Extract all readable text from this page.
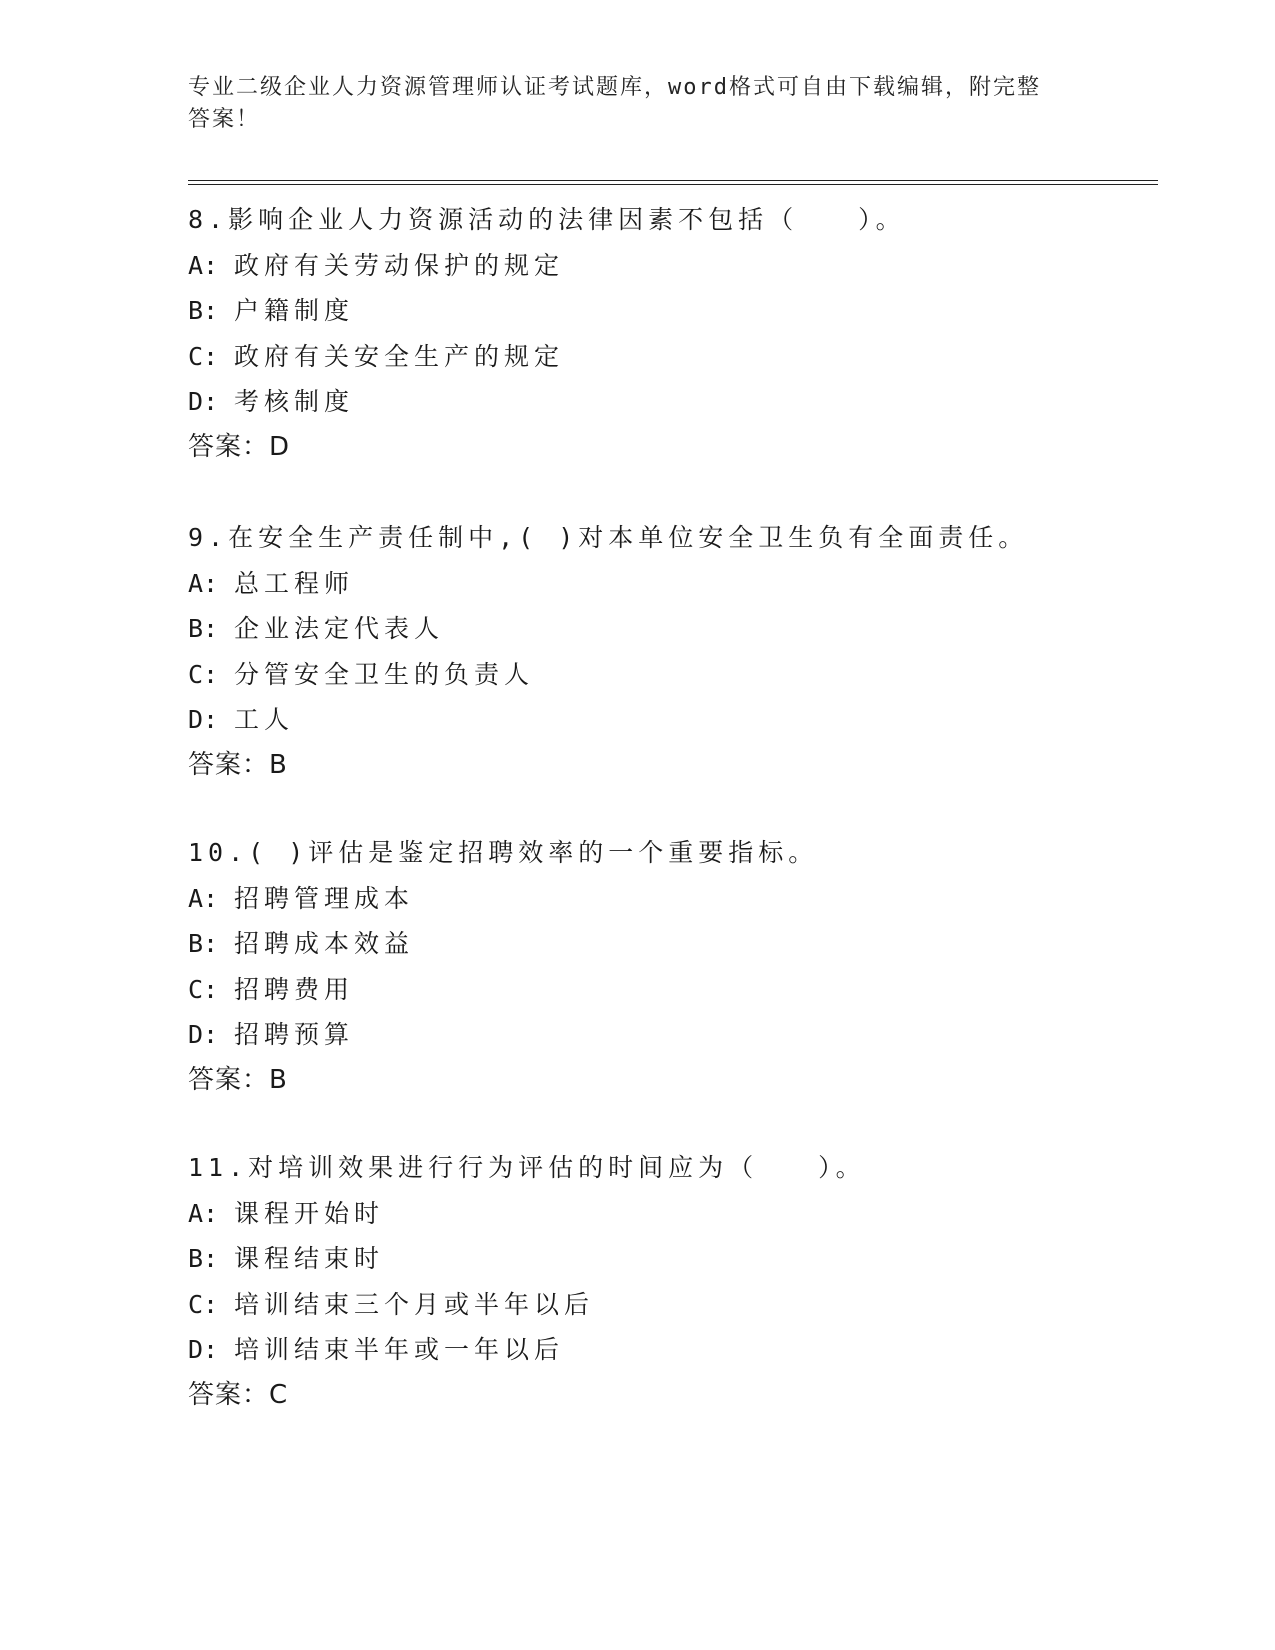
专业二级企业人力资源管理师认证考试题库，word格式可自由下载编辑，附完整
答案！
8.影响企业人力资源活动的法律因素不包括（　　）。
A: 政府有关劳动保护的规定
B: 户籍制度
C: 政府有关安全生产的规定
D: 考核制度
答案：D
9.在安全生产责任制中,( )对本单位安全卫生负有全面责任。
A: 总工程师
B: 企业法定代表人
C: 分管安全卫生的负责人
D: 工人
答案：B
10.( )评估是鉴定招聘效率的一个重要指标。
A: 招聘管理成本
B: 招聘成本效益
C: 招聘费用
D: 招聘预算
答案：B
11.对培训效果进行行为评估的时间应为（　　）。
A: 课程开始时
B: 课程结束时
C: 培训结束三个月或半年以后
D: 培训结束半年或一年以后
答案：C
